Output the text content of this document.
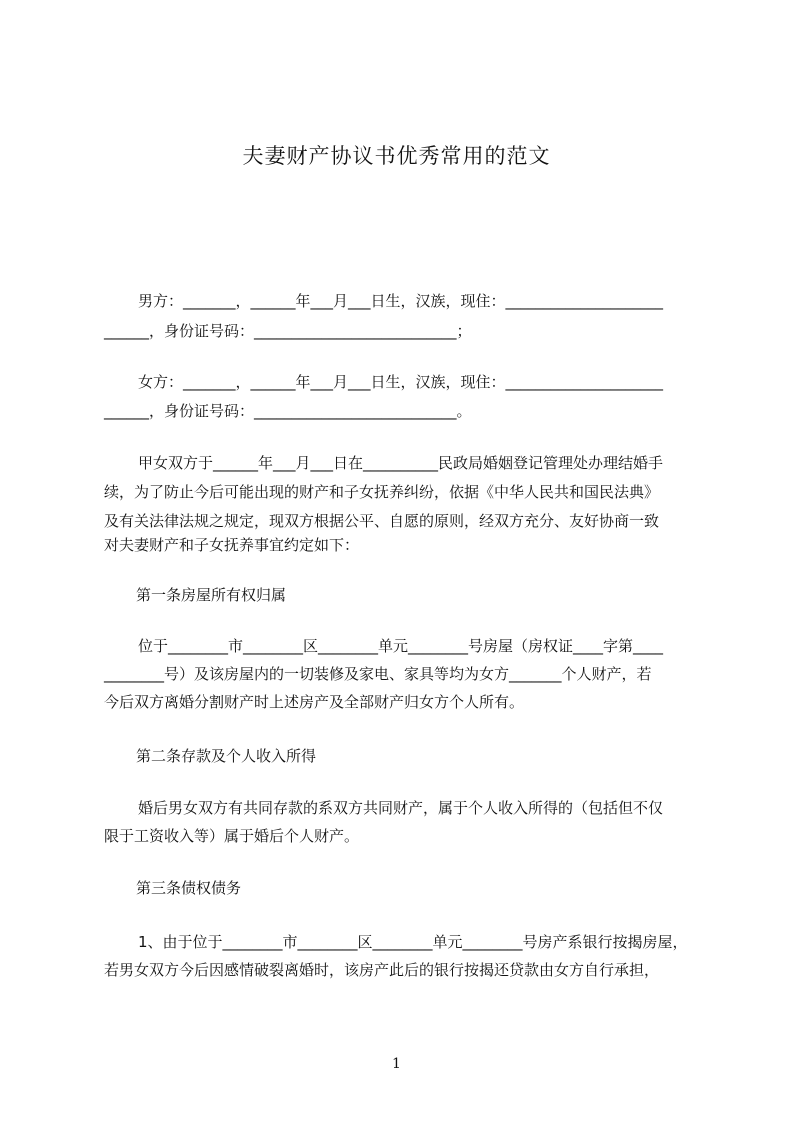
夫妻财产协议书优秀常用的范文
男方：_______，______年___月___日生，汉族，现住：_____________________
______，身份证号码：___________________________；
女方：_______，______年___月___日生，汉族，现住：_____________________
______，身份证号码：___________________________。
甲女双方于______年___月___日在__________民政局婚姻登记管理处办理结婚手
续，为了防止今后可能出现的财产和子女抚养纠纷，依据《中华人民共和国民法典》
及有关法律法规之规定，现双方根据公平、自愿的原则，经双方充分、友好协商一致
对夫妻财产和子女抚养事宜约定如下：
第一条房屋所有权归属
位于________市________区________单元________号房屋（房权证____字第____
________号）及该房屋内的一切装修及家电、家具等均为女方_______个人财产，若
今后双方离婚分割财产时上述房产及全部财产归女方个人所有。
第二条存款及个人收入所得
婚后男女双方有共同存款的系双方共同财产，属于个人收入所得的（包括但不仅
限于工资收入等）属于婚后个人财产。
第三条债权债务
1、由于位于________市________区________单元________号房产系银行按揭房屋，
若男女双方今后因感情破裂离婚时，该房产此后的银行按揭还贷款由女方自行承担，
1
